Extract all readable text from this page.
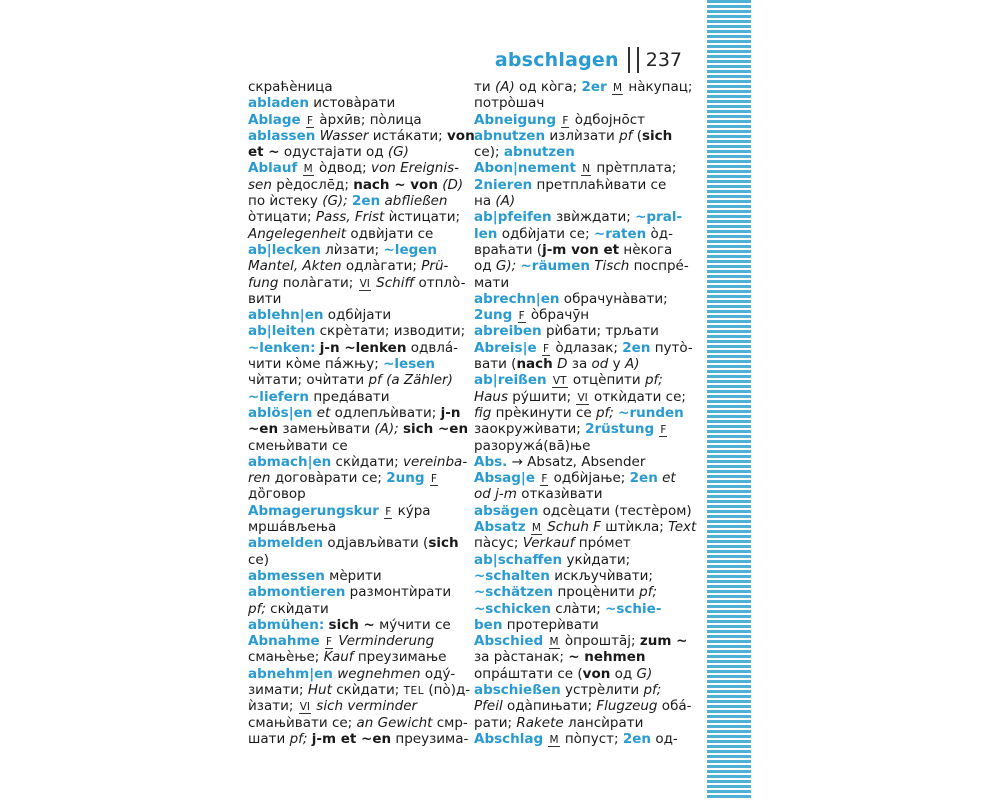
abschlagen 237
скраћѐница
abladen истовàрати
Ablage F àрхӣв; пòлица
ablassen Wasser истáкати; von
et ~ одустајати од (G)
Ablauf M òдвод; von Ereignis-
sen рѐдослēд; nach ~ von (D)
по ѝстеку (G); 2en abfließen
òтицати; Pass, Frist ѝстицати;
Angelegenheit одвѝјати се
ab|lecken лѝзати; ~legen
Mantel, Akten одлàгати; Prü-
fung полàгати; VI Schiff отплò-
вити
ablehn|en одбѝјати
ab|leiten скрѐтати; изводити;
~lenken: j-n ~lenken одвлá-
чити кòме пáжњу; ~lesen
чѝтати; очѝтати pf (a Zähler)
~liefern предáвати
ablös|en et одлепљѝвати; j-n
~en замењѝвати (A); sich ~en
смењѝвати се
abmach|en скѝдати; vereinba-
ren договàрати се; 2ung F
дȍговор
Abmagerungskur F кýра
мршáвљења
abmelden одјављѝвати (sich
се)
abmessen мѐрити
abmontieren размонтѝрати
pf; скѝдати
abmühen: sich ~ мýчити се
Abnahme F Verminderung
смањѐње; Kauf преузимање
abnehm|en wegnehmen одý-
зимати; Hut скѝдати; TEL (пò)д-
ѝзати; VI sich verminder
смањѝвати се; an Gewicht смр-
шати pf; j-m et ~en преузима-
ти (A) од кòга; 2er M нàкупац;
потрòшач
Abneigung F òдбојнōст
abnutzen излѝзати pf (sich
се); abnutzen
Abon|nement N прѐтплата;
2nieren претплаћѝвати се
на (A)
ab|pfeifen звѝждати; ~pral-
len одбѝјати се; ~raten òд-
враћати (j-m von et нѐкога
од G); ~räumen Tisch поспрé-
мати
abrechn|en обрачунàвати;
2ung F òбрачӯн
abreiben рѝбати; трљати
Abreis|e F òдлазак; 2en путò-
вати (nach D за od у A)
ab|reißen VT отцѐпити pf;
Haus рýшити; VI откѝдати се;
fig прѐкинути се pf; ~runden
заокружѝвати; 2rüstung F
разоружá(вā)ње
Abs. → Absatz, Absender
Absag|e F одбѝјање; 2en et
od j-m отказѝвати
absägen одсѐцати (тестèром)
Absatz M Schuh F штѝкла; Text
пàсус; Verkauf прóмет
ab|schaffen укѝдати;
~schalten искључѝвати;
~schätzen процѐнити pf;
~schicken слàти; ~schie-
ben протерѝвати
Abschied M òпроштāј; zum ~
за рàстанак; ~ nehmen
опрáштати се (von од G)
abschießen устрѐлити pf;
Pfeil одàпињати; Flugzeug обá-
рати; Rakete лансѝрати
Abschlag M пòпуст; 2en од-
